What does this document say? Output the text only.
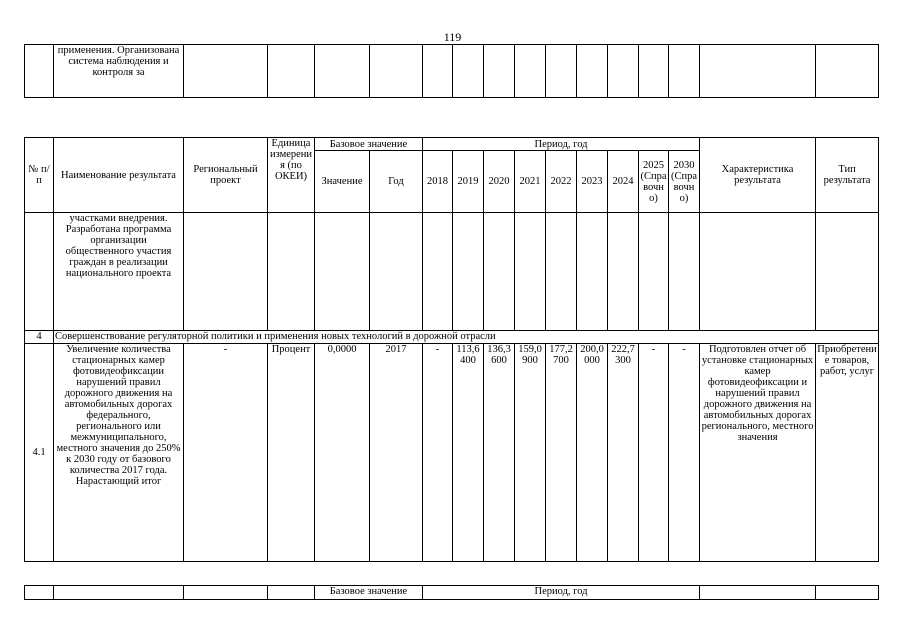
119
	применения. Организована система наблюдения и контроля за															
№ п/п	Наименование результата	Региональный проект	Единица измерения (по ОКЕИ)	Базовое значение		Период, год									Характеристика результата	Тип результата
				Значение	Год	2018	2019	2020	2021	2022	2023	2024	2025 (Справочно)	2030 (Справочно)		
	участками внедрения. Разработана программа организации общественного участия граждан в реализации национального проекта															
4	Совершенствование регуляторной политики и применения новых технологий в дорожной отрасли															
4.1	Увеличение количества стационарных камер фотовидеофиксации нарушений правил дорожного движения на автомобильных дорогах федерального, регионального или межмуниципального, местного значения до 250% к 2030 году от базового количества 2017 года. Нарастающий итог	-	Процент	0,0000	2017	-	113,6400	136,3600	159,0900	177,2700	200,0000	222,7300	-	-	Подготовлен отчет об установке стационарных камер фотовидеофиксации и нарушений правил дорожного движения на автомобильных дорогах регионального, местного значения	Приобретение товаров, работ, услуг
				Базовое значение	Период, год		
